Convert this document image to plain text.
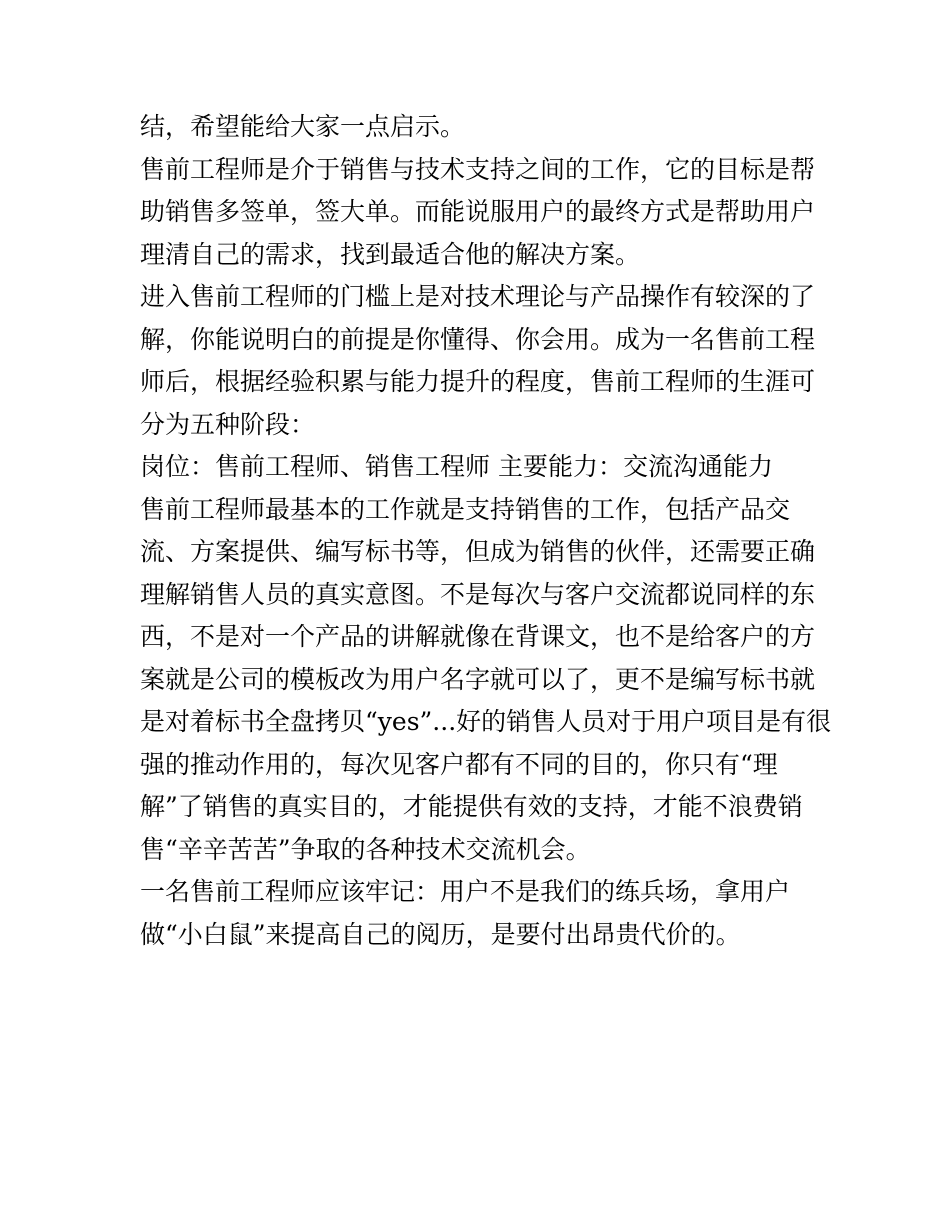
结，希望能给大家一点启示。
售前工程师是介于销售与技术支持之间的工作，它的目标是帮
助销售多签单，签大单。而能说服用户的最终方式是帮助用户
理清自己的需求，找到最适合他的解决方案。
进入售前工程师的门槛上是对技术理论与产品操作有较深的了
解，你能说明白的前提是你懂得、你会用。成为一名售前工程
师后，根据经验积累与能力提升的程度，售前工程师的生涯可
分为五种阶段：
岗位：售前工程师、销售工程师 主要能力：交流沟通能力
售前工程师最基本的工作就是支持销售的工作，包括产品交
流、方案提供、编写标书等，但成为销售的伙伴，还需要正确
理解销售人员的真实意图。不是每次与客户交流都说同样的东
西，不是对一个产品的讲解就像在背课文，也不是给客户的方
案就是公司的模板改为用户名字就可以了，更不是编写标书就
是对着标书全盘拷贝“yes”...好的销售人员对于用户项目是有很
强的推动作用的，每次见客户都有不同的目的，你只有“理
解”了销售的真实目的，才能提供有效的支持，才能不浪费销
售“辛辛苦苦”争取的各种技术交流机会。
一名售前工程师应该牢记：用户不是我们的练兵场，拿用户
做“小白鼠”来提高自己的阅历，是要付出昂贵代价的。
